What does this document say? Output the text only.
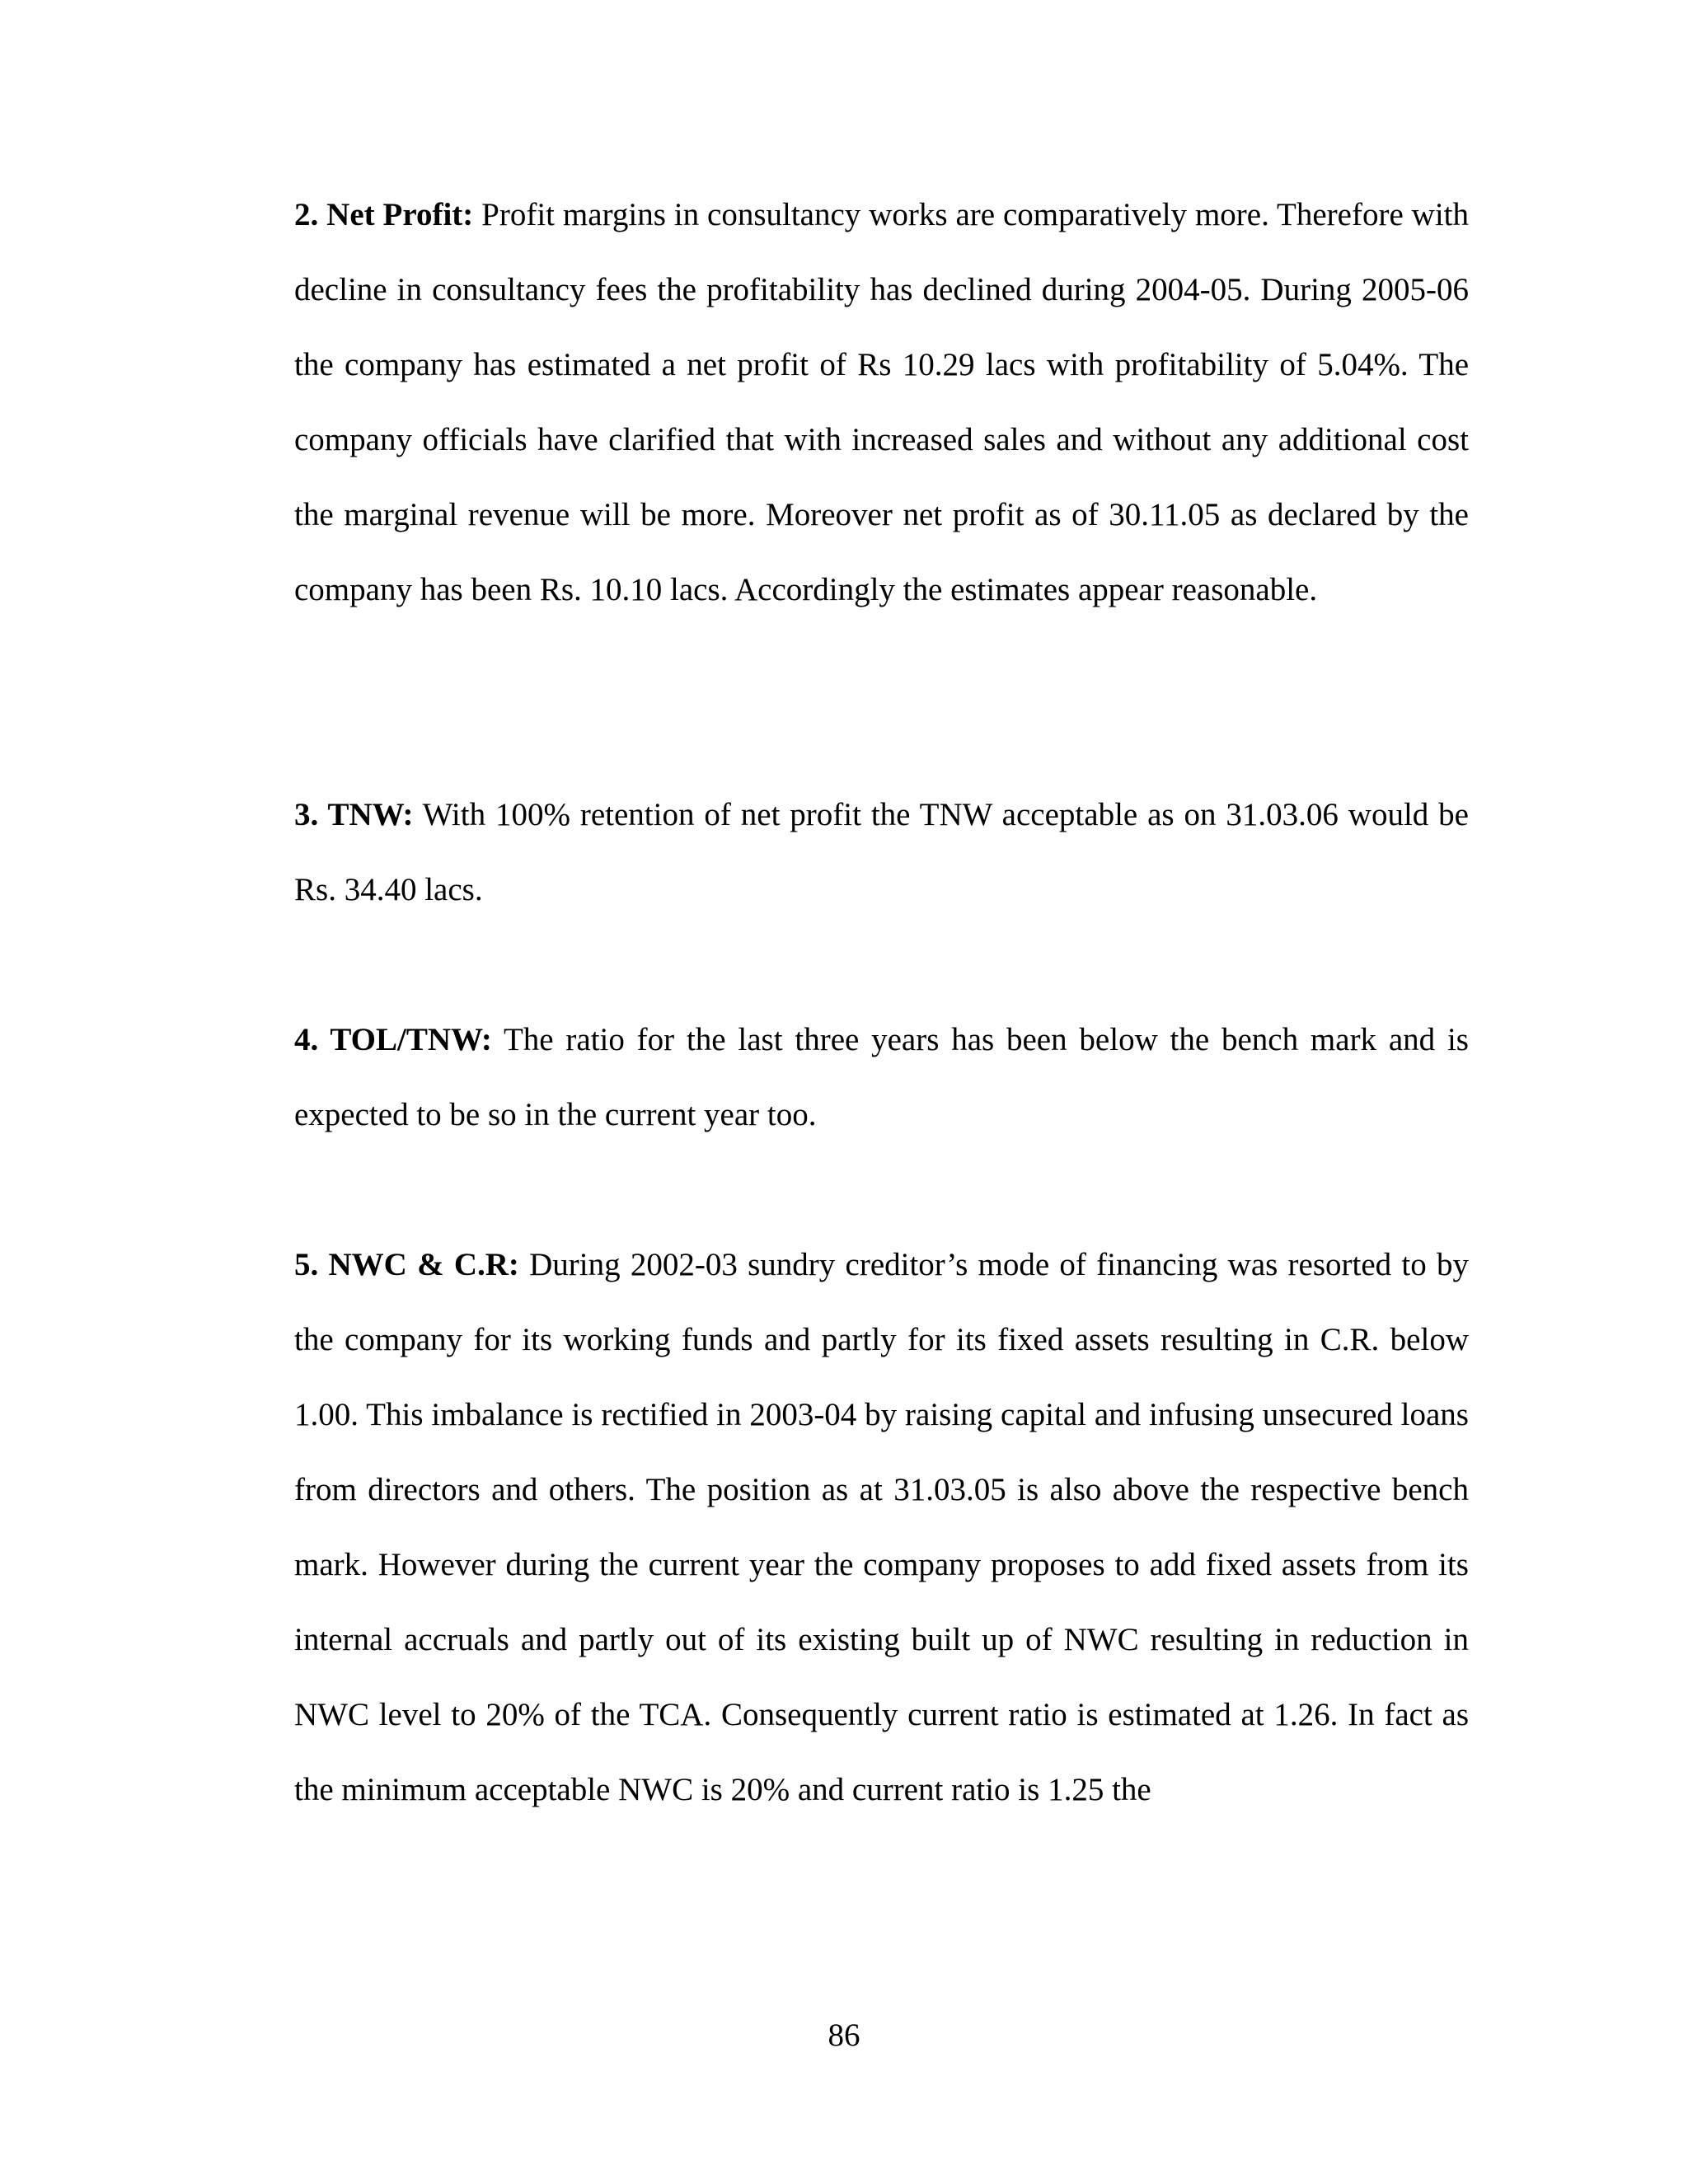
2. Net Profit: Profit margins in consultancy works are comparatively more. Therefore with decline in consultancy fees the profitability has declined during 2004-05. During 2005-06 the company has estimated a net profit of Rs 10.29 lacs with profitability of 5.04%. The company officials have clarified that with increased sales and without any additional cost the marginal revenue will be more. Moreover net profit as of 30.11.05 as declared by the company has been Rs. 10.10 lacs. Accordingly the estimates appear reasonable.

3. TNW: With 100% retention of net profit the TNW acceptable as on 31.03.06 would be Rs. 34.40 lacs.

4. TOL/TNW: The ratio for the last three years has been below the bench mark and is expected to be so in the current year too.

5. NWC & C.R: During 2002-03 sundry creditor’s mode of financing was resorted to by the company for its working funds and partly for its fixed assets resulting in C.R. below 1.00. This imbalance is rectified in 2003-04 by raising capital and infusing unsecured loans from directors and others. The position as at 31.03.05 is also above the respective bench mark. However during the current year the company proposes to add fixed assets from its internal accruals and partly out of its existing built up of NWC resulting in reduction in NWC level to 20% of the TCA. Consequently current ratio is estimated at 1.26. In fact as the minimum acceptable NWC is 20% and current ratio is 1.25 the

86
